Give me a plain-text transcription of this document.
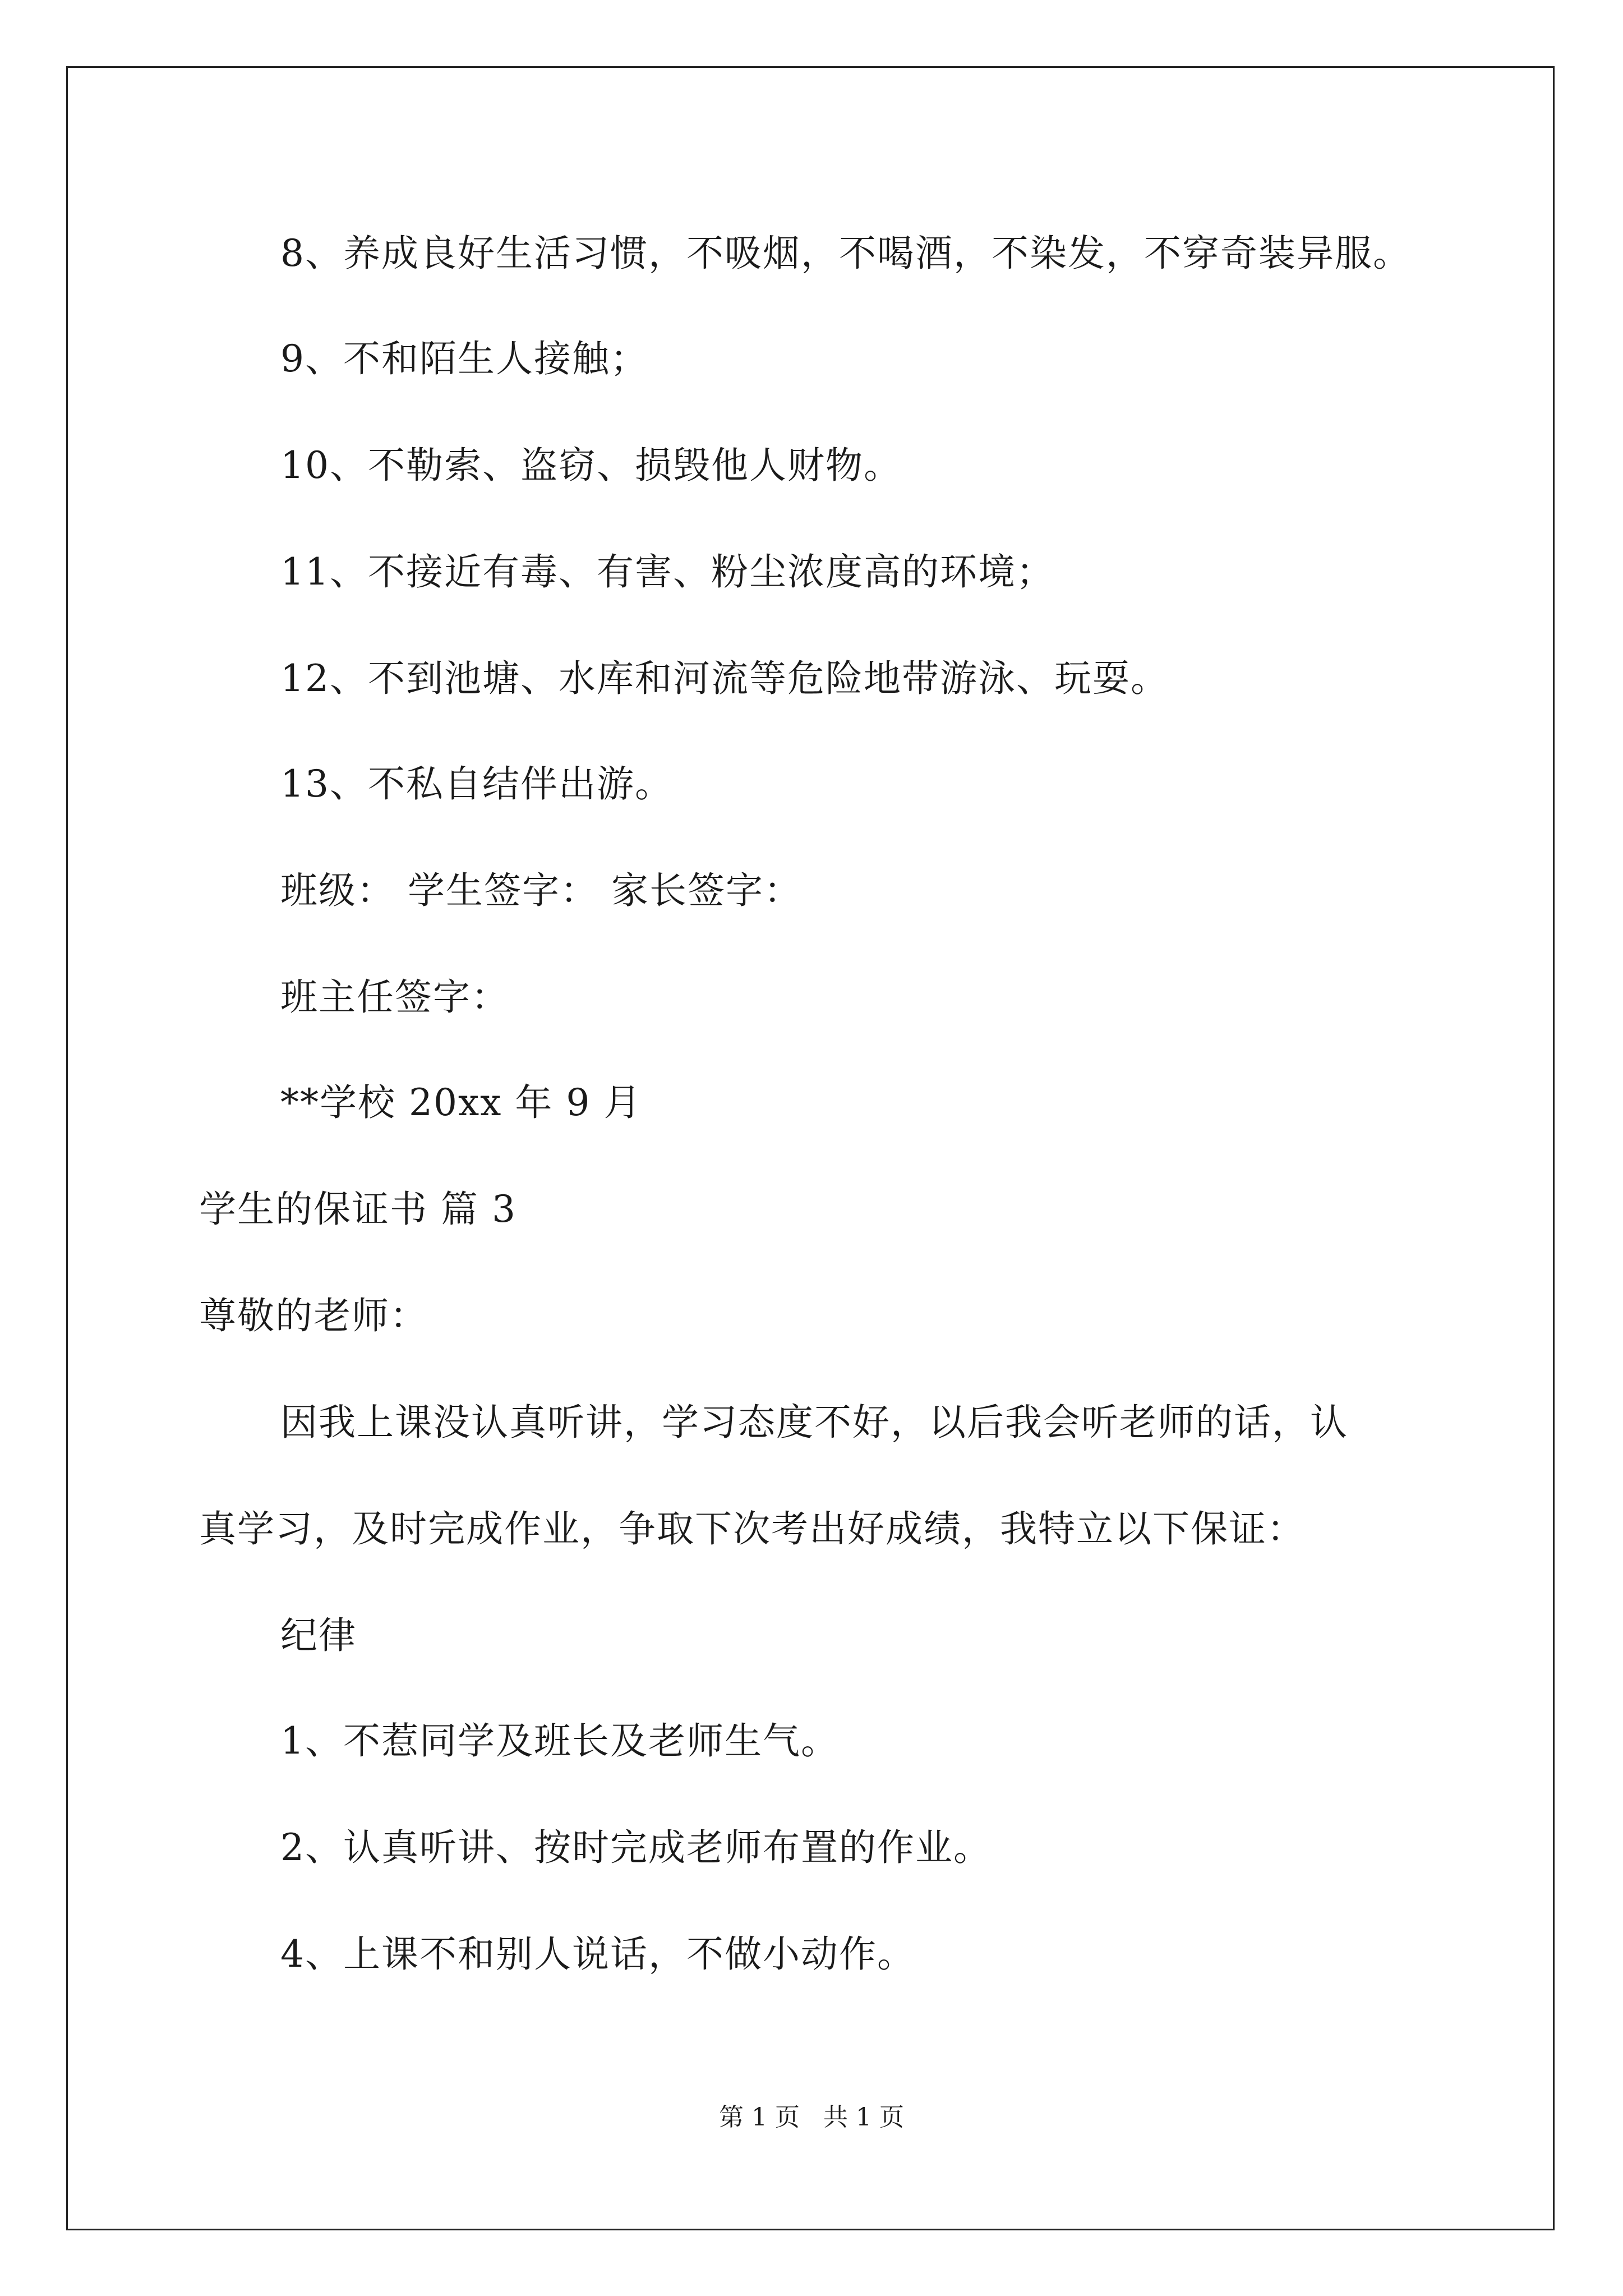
8、养成良好生活习惯，不吸烟，不喝酒，不染发，不穿奇装异服。
9、不和陌生人接触；
10、不勒索、盗窃、损毁他人财物。
11、不接近有毒、有害、粉尘浓度高的环境；
12、不到池塘、水库和河流等危险地带游泳、玩耍。
13、不私自结伴出游。
班级： 学生签字： 家长签字：
班主任签字：
**学校 20xx 年 9 月
学生的保证书 篇 3
尊敬的老师：
因我上课没认真听讲，学习态度不好，以后我会听老师的话，认
真学习，及时完成作业，争取下次考出好成绩，我特立以下保证：
纪律
1、不惹同学及班长及老师生气。
2、认真听讲、按时完成老师布置的作业。
4、上课不和别人说话，不做小动作。
第 1 页   共 1 页
